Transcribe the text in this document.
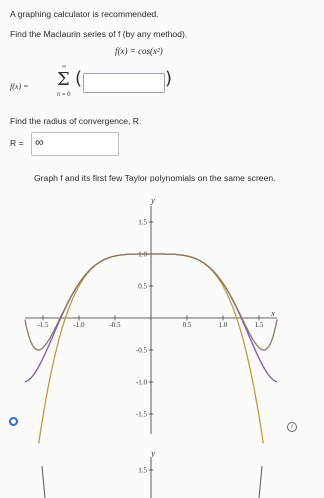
A graphing calculator is recommended.
Find the Maclaurin series of f (by any method).
f(x) = cos(x²)
f(x) =
∞
Σ
n = 0
(	)
Find the radius of convergence, R.
R = ∞
Graph f and its first few Taylor polynomials on the same screen.
i
y
x
-1.5	-1.0	-0.5	0.5	1.0	1.5
1.5
1.0
0.5
-0.5
-1.0
-1.5
y
1.5
